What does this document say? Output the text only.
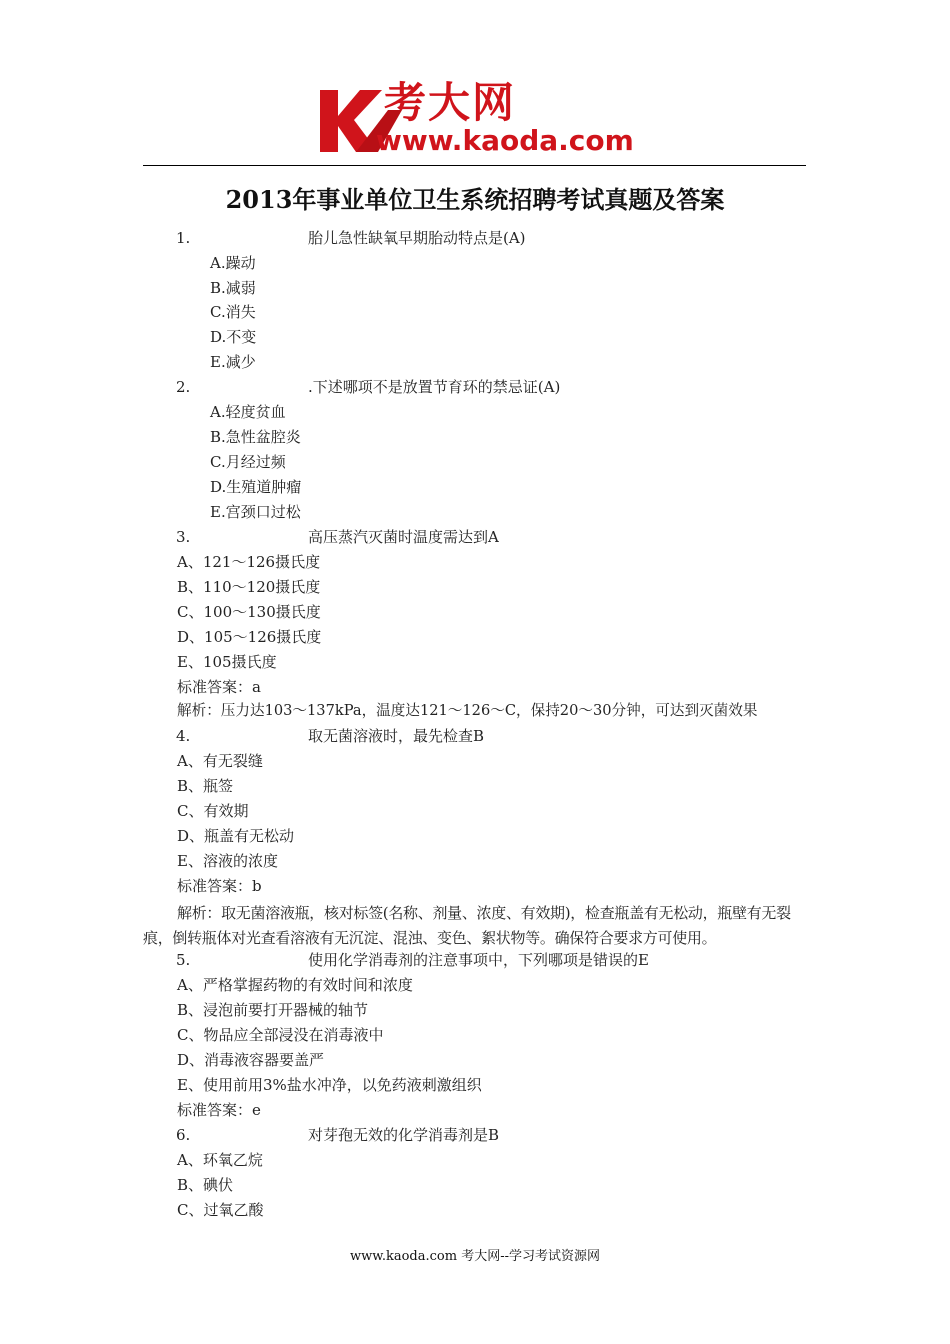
考大网
www.kaoda.com
2013年事业单位卫生系统招聘考试真题及答案
1.	胎儿急性缺氧早期胎动特点是(A)
A.躁动
B.减弱
C.消失
D.不变
E.减少
2.	.下述哪项不是放置节育环的禁忌证(A)
A.轻度贫血
B.急性盆腔炎
C.月经过频
D.生殖道肿瘤
E.宫颈口过松
3.	高压蒸汽灭菌时温度需达到A
A、121～126摄氏度
B、110～120摄氏度
C、100～130摄氏度
D、105～126摄氏度
E、105摄氏度
标准答案：a
解析：压力达103～137kPa，温度达121～126～C，保持20～30分钟，可达到灭菌效果
4.	取无菌溶液时，最先检查B
A、有无裂缝
B、瓶签
C、有效期
D、瓶盖有无松动
E、溶液的浓度
标准答案：b
解析：取无菌溶液瓶，核对标签(名称、剂量、浓度、有效期)，检查瓶盖有无松动，瓶壁有无裂痕，倒转瓶体对光查看溶液有无沉淀、混浊、变色、絮状物等。确保符合要求方可使用。
5.	使用化学消毒剂的注意事项中，下列哪项是错误的E
A、严格掌握药物的有效时间和浓度
B、浸泡前要打开器械的轴节
C、物品应全部浸没在消毒液中
D、消毒液容器要盖严
E、使用前用3%盐水冲净，以免药液刺激组织
标准答案：e
6.	对芽孢无效的化学消毒剂是B
A、环氧乙烷
B、碘伏
C、过氧乙酸
www.kaoda.com 考大网--学习考试资源网
